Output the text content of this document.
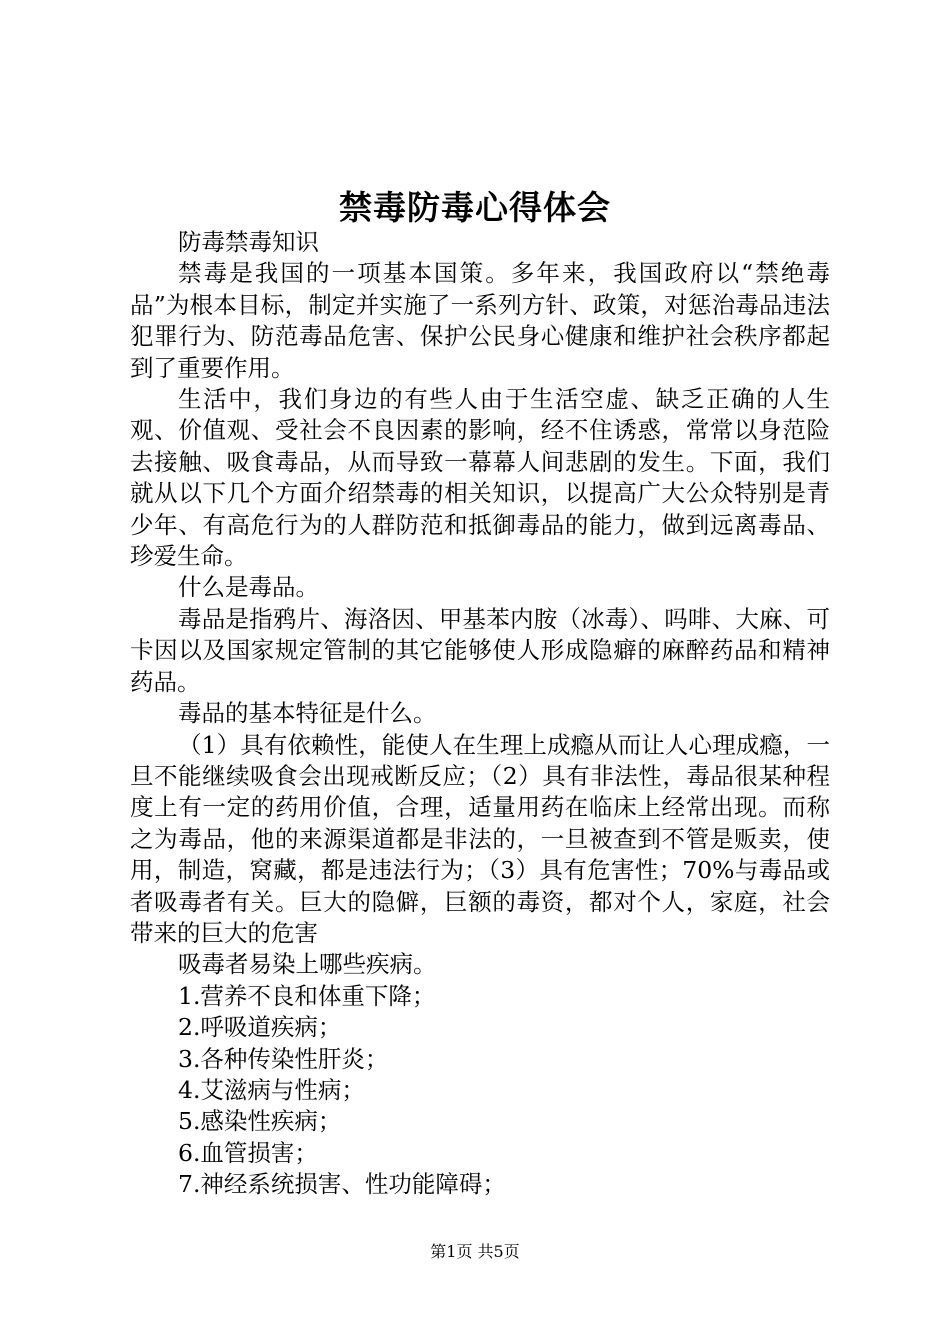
禁毒防毒心得体会

防毒禁毒知识

禁毒是我国的一项基本国策。多年来，我国政府以“禁绝毒品”为根本目标，制定并实施了一系列方针、政策，对惩治毒品违法犯罪行为、防范毒品危害、保护公民身心健康和维护社会秩序都起到了重要作用。

生活中，我们身边的有些人由于生活空虚、缺乏正确的人生观、价值观、受社会不良因素的影响，经不住诱惑，常常以身范险去接触、吸食毒品，从而导致一幕幕人间悲剧的发生。下面，我们就从以下几个方面介绍禁毒的相关知识，以提高广大公众特别是青少年、有高危行为的人群防范和抵御毒品的能力，做到远离毒品、珍爱生命。

什么是毒品。

毒品是指鸦片、海洛因、甲基苯内胺（冰毒）、吗啡、大麻、可卡因以及国家规定管制的其它能够使人形成隐癖的麻醉药品和精神药品。

毒品的基本特征是什么。

（1）具有依赖性，能使人在生理上成瘾从而让人心理成瘾，一旦不能继续吸食会出现戒断反应；（2）具有非法性，毒品很某种程度上有一定的药用价值，合理，适量用药在临床上经常出现。而称之为毒品，他的来源渠道都是非法的，一旦被查到不管是贩卖，使用，制造，窝藏，都是违法行为；（3）具有危害性；70%与毒品或者吸毒者有关。巨大的隐僻，巨额的毒资，都对个人，家庭，社会带来的巨大的危害

吸毒者易染上哪些疾病。

1.营养不良和体重下降；

2.呼吸道疾病；

3.各种传染性肝炎；

4.艾滋病与性病；

5.感染性疾病；

6.血管损害；

7.神经系统损害、性功能障碍；

第1页 共5页
